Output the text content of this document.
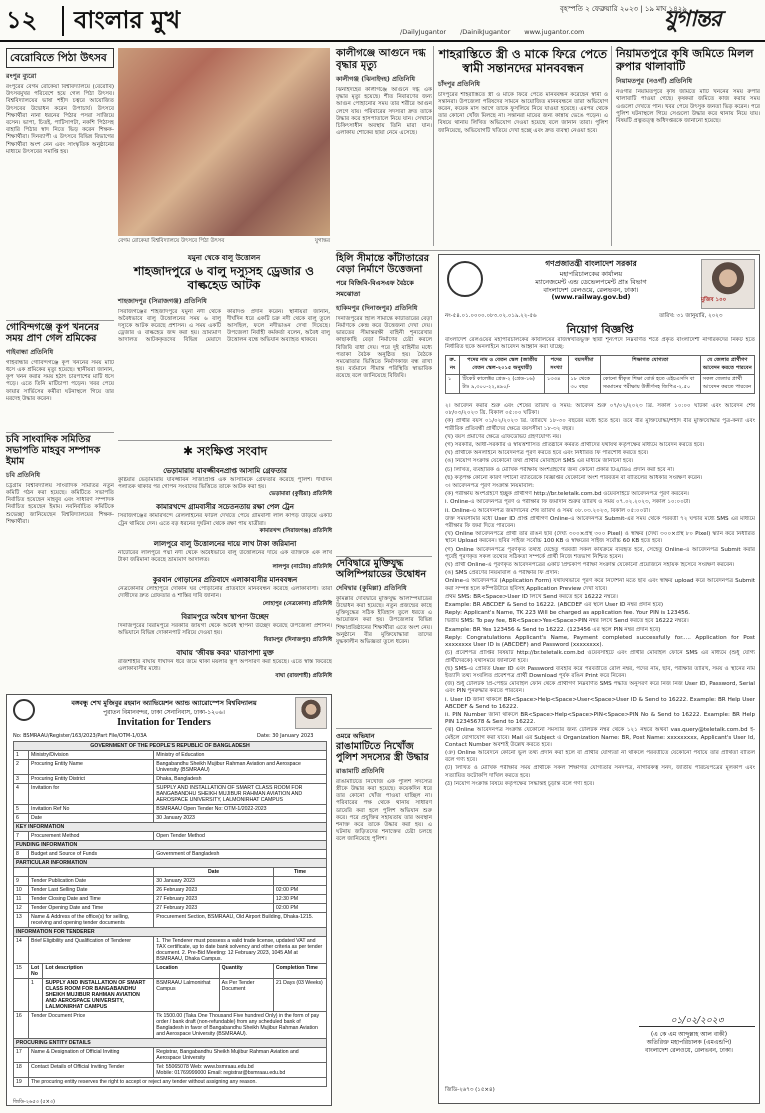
১২ বাংলার মুখ	বৃহস্পতি ২ ফেব্রুয়ারি ২০২৩ | ১৯ মাঘ ১৪২৯
/DailyJugantor /DainikJugantor www.jugantor.com	যুগান্তর
বেরোবিতে পিঠা উৎসব
রংপুর ব্যুরো
রংপুরের বেগম রোকেয়া বিশ্ববিদ্যালয়ে (বেরোবি) উৎসবমুখর পরিবেশে হয়ে গেল পিঠা উৎসব। বিশ্ববিদ্যালয়ের ভাষা শহীদ চত্বরে আয়োজিত উৎসবের উদ্বোধন করেন উপাচার্য। উৎসবে শিক্ষার্থীরা নানা ধরনের পিঠার পসরা সাজিয়ে বসেন। ভাপা, চিতই, পাটিসাপটা, নকশি পিঠাসহ বাহারি পিঠার স্বাদ নিতে ভিড় করেন শিক্ষক-শিক্ষার্থীরা। দিনব্যাপী এ উৎসবে বিভিন্ন বিভাগের শিক্ষার্থীরা অংশ নেন এবং সাংস্কৃতিক অনুষ্ঠানের মাধ্যমে উৎসবের সমাপ্তি হয়।
বেগম রোকেয়া বিশ্ববিদ্যালয়ে উৎসবে পিঠা উৎসব	যুগান্তর
কালীগঞ্জে আগুনে দগ্ধ বৃদ্ধার মৃত্যু
কালীগঞ্জ (ঝিনাইদহ) প্রতিনিধি
ঝিনাইদহের কালীগঞ্জে আগুনে দগ্ধ এক বৃদ্ধার মৃত্যু হয়েছে। শীত নিবারণের জন্য আগুন পোহানোর সময় তার শরীরে আগুন লেগে যায়। পরিবারের সদস্যরা দ্রুত তাকে উদ্ধার করে হাসপাতালে নিয়ে যান। সেখানে চিকিৎসাধীন অবস্থায় তিনি মারা যান। এলাকায় শোকের ছায়া নেমে এসেছে।
শাহরাস্তিতে স্ত্রী ও মাকে ফিরে পেতে স্বামী সন্তানদের মানববন্ধন
চাঁদপুর প্রতিনিধি
চাঁদপুরের শাহরাস্তিতে স্ত্রী ও মাকে ফিরে পেতে মানববন্ধন করেছেন স্বামী ও সন্তানরা। উপজেলা পরিষদের সামনে আয়োজিত মানববন্ধনে তারা অভিযোগ করেন, কয়েক মাস আগে তাকে ফুসলিয়ে নিয়ে যাওয়া হয়েছে। এরপর থেকে তার কোনো খোঁজ মিলছে না। সন্তানরা মায়ের জন্য কান্নায় ভেঙে পড়েন। এ বিষয়ে থানায় লিখিত অভিযোগ দেওয়া হয়েছে বলে জানান তারা। পুলিশ জানিয়েছে, অভিযোগটি খতিয়ে দেখা হচ্ছে এবং দ্রুত ব্যবস্থা নেওয়া হবে।
নিয়ামতপুরে কৃষি জমিতে মিলল রুপার থালাবাটি
নিয়ামতপুর (নওগাঁ) প্রতিনিধি
নওগাঁর নিয়ামতপুরে কৃষি জমিতে মাটি খননের সময় রুপার থালাবাটি পাওয়া গেছে। কৃষকরা জমিতে কাজ করার সময় এগুলো দেখতে পান। খবর পেয়ে উৎসুক জনতা ভিড় করেন। পরে পুলিশ ঘটনাস্থলে গিয়ে সেগুলো উদ্ধার করে থানায় নিয়ে যায়। বিষয়টি প্রত্নতত্ত্ব অধিদপ্তরকে জানানো হয়েছে।
যমুনা থেকে বালু উত্তোলন
শাহজাদপুরে ৬ বালু দস্যুসহ ড্রেজার ও বাল্কহেড আটক
শাহজাদপুর (সিরাজগঞ্জ) প্রতিনিধি
সিরাজগঞ্জের শাহজাদপুরে যমুনা নদী থেকে অবৈধভাবে বালু উত্তোলনের সময় ৬ বালু দস্যুকে আটক করেছে প্রশাসন। এ সময় একটি ড্রেজার ও বাল্কহেড জব্দ করা হয়। ভ্রাম্যমাণ আদালত আটককৃতদের বিভিন্ন মেয়াদে কারাদণ্ড প্রদান করেন। স্থানীয়রা জানান, দীর্ঘদিন ধরে একটি চক্র নদী থেকে বালু তুলে আসছিল, ফলে নদীভাঙন দেখা দিয়েছে। উপজেলা নির্বাহী কর্মকর্তা বলেন, অবৈধ বালু উত্তোলন বন্ধে অভিযান অব্যাহত থাকবে।
হিলি সীমান্তে কাঁটাতারের বেড়া নির্মাণে উত্তেজনা
পরে বিজিবি-বিএসএফ বৈঠকে সমঝোতা
হাকিমপুর (দিনাজপুর) প্রতিনিধি
দিনাজপুরের হিলি সীমান্তে কাঁটাতারের বেড়া নির্মাণকে কেন্দ্র করে উত্তেজনা দেখা দেয়। ভারতের সীমান্তরক্ষী বাহিনী শূন্যরেখার কাছাকাছি বেড়া নির্মাণের চেষ্টা করলে বিজিবি বাধা দেয়। পরে দুই বাহিনীর মধ্যে পতাকা বৈঠক অনুষ্ঠিত হয়। বৈঠকে সমঝোতার ভিত্তিতে নির্মাণকাজ বন্ধ রাখা হয়। বর্তমানে সীমান্ত পরিস্থিতি স্বাভাবিক রয়েছে বলে জানিয়েছে বিজিবি।
গণপ্রজাতন্ত্রী বাংলাদেশ সরকার
মহাপরিচালকের কার্যালয়
ম্যানেজমেন্ট এন্ড ডেভেলপমেন্ট প্রাঃ বিভাগ
বাংলাদেশ রেলওয়ে, রেলভবন, ঢাকা।
(www.railway.gov.bd)	মুজিব ১০০
নং-৫৪.০১.০০০০.০৮৩.০২.০১৯.২২-৫৬	তারিখ: ৩১ জানুয়ারি, ২০২৩
নিয়োগ বিজ্ঞপ্তি
বাংলাদেশ রেলওয়ের মহাপরিচালকের কার্যালয়ের রাজস্বখাতভুক্ত স্থায়ী শূন্যপদে নিম্নবর্ণিত শর্তে প্রকৃত বাংলাদেশী নাগরিকদের নিকট হতে নির্ধারিত ছকে অনলাইনে আবেদন আহ্বান করা যাচ্ছে:
ক্র. নং	পদের নাম ও বেতন স্কেল (জাতীয় বেতন স্কেল-২০১৫ অনুযায়ী)	পদের সংখ্যা	বয়সসীমা	শিক্ষাগত যোগ্যতা	যে জেলার প্রার্থীগণ আবেদন করতে পারবেন
১	টিকেট কালেক্টর গ্রেড-২ (গ্রেড-১৬) টাঃ ৯,৩০০-২২,৪৯০/-	১৩৩৪	১৮ থেকে ৩০ বছর	কোনো স্বীকৃত শিক্ষা বোর্ড হতে এইচএসসি বা সমমানের পরীক্ষায় উত্তীর্ণসহ জিপিএ-২.৫০	সকল জেলার প্রার্থী আবেদন করতে পারবেন
২। আবেদন করার শুরু এবং শেষের তারিখ ও সময়: আবেদন শুরু ০৭/০২/২০২৩ খ্রি. সকাল ১০:০০ ঘটিকা এবং আবেদন শেষ ০৮/০৩/২০২৩ খ্রি. বিকাল ০৫:০০ ঘটিকা।
(ক) প্রার্থীর বয়স ০১/০২/২০২৩ খ্রি. তারিখে ১৮-৩০ বছরের মধ্যে হতে হবে। তবে বীর মুক্তিযোদ্ধা/শহীদ বীর মুক্তিযোদ্ধার পুত্র-কন্যা এবং শারীরিক প্রতিবন্ধী প্রার্থীদের ক্ষেত্রে বয়সসীমা ১৮-৩২ বছর।
(খ) বয়স প্রমাণের ক্ষেত্রে এফিডেভিট গ্রহণযোগ্য নয়।
(গ) সরকারি, আধা-সরকারি ও স্বায়ত্তশাসিত প্রতিষ্ঠানে কর্মরত প্রার্থীদের যথাযথ কর্তৃপক্ষের মাধ্যমে আবেদন করতে হবে।
(ঘ) প্রার্থীকে অনলাইনে আবেদনপত্র পূরণ করতে হবে এবং নির্ধারিত ফি পরিশোধ করতে হবে।
(ঙ) নিয়োগ সংক্রান্ত যেকোনো তথ্য প্রার্থীর মোবাইলে SMS এর মাধ্যমে জানানো হবে।
(চ) লিখিত, ব্যবহারিক ও মৌখিক পরীক্ষায় অংশগ্রহণের জন্য কোনো প্রকার টিএ/ডিএ প্রদান করা হবে না।
(ছ) কর্তৃপক্ষ কোনো কারণ দর্শানো ব্যতিরেকে বিজ্ঞপ্তির যেকোনো অংশ পরিবর্তন বা বাতিলের অধিকার সংরক্ষণ করেন।
৩। আবেদনপত্র পূরণ সংক্রান্ত নিয়মাবলি:
(ক) পরীক্ষায় অংশগ্রহণে ইচ্ছুক প্রার্থীগণ http://br.teletalk.com.bd ওয়েবসাইটে আবেদনপত্র পূরণ করবেন।
i. Online-এ আবেদনপত্র পূরণ ও পরীক্ষার ফি জমাদান শুরুর তারিখ ও সময় ০৭.০২.২০২৩, সকাল ১০:০০টা।
ii. Online-এ আবেদনপত্র জমাদানের শেষ তারিখ ও সময় ০৮.০৩.২০২৩, বিকাল ০৫:০০টা।
উক্ত সময়সীমার মধ্যে User ID প্রাপ্ত প্রার্থীগণ Online-এ আবেদনপত্র Submit-এর সময় থেকে পরবর্তী ৭২ ঘণ্টার মধ্যে SMS এর মাধ্যমে পরীক্ষার ফি জমা দিতে পারবেন।
(খ) Online আবেদনপত্রে প্রার্থী তার রঙিন ছবি (দৈর্ঘ্য ৩০০×প্রস্থ ৩০০ Pixel) ও স্বাক্ষর (দৈর্ঘ্য ৩০০×প্রস্থ ৮০ Pixel) স্ক্যান করে নির্ধারিত স্থানে Upload করবেন। ছবির সাইজ সর্বোচ্চ 100 KB ও স্বাক্ষরের সাইজ সর্বোচ্চ 60 KB হতে হবে।
(গ) Online আবেদনপত্রে পূরণকৃত তথ্যই যেহেতু পরবর্তী সকল কার্যক্রমে ব্যবহৃত হবে, সেহেতু Online-এ আবেদনপত্র Submit করার পূর্বেই পূরণকৃত সকল তথ্যের সঠিকতা সম্পর্কে প্রার্থী নিজে শতভাগ নিশ্চিত হবেন।
(ঘ) প্রার্থী Online-এ পূরণকৃত আবেদনপত্রের একটি প্রিন্টকপি পরীক্ষা সংক্রান্ত যেকোনো প্রয়োজনে সহায়ক হিসেবে সংরক্ষণ করবেন।
(ঙ) SMS প্রেরণের নিয়মাবলি ও পরীক্ষার ফি প্রদান:
Online-এ আবেদনপত্র (Application Form) যথাযথভাবে পূরণ করে নির্দেশনা মতে ছবি এবং স্বাক্ষর upload করে আবেদনপত্র Submit করা সম্পন্ন হলে কম্পিউটারে ছবিসহ Application Preview দেখা যাবে।
প্রথম SMS: BR<Space>User ID লিখে Send করতে হবে 16222 নম্বরে।
Example: BR ABCDEF & Send to 16222. (ABCDEF এর স্থলে User ID নম্বর প্রদান হবে)
Reply: Applicant's Name, TK 223 Will be charged as application fee. Your PIN is 123456.
দ্বিতীয় SMS: To pay fee, BR<Space>Yes<Space>PIN নম্বর লিখে Send করতে হবে 16222 নম্বরে।
Example: BR Yes 123456 & Send to 16222. (123456 এর স্থলে PIN নম্বর প্রদান হবে)
Reply: Congratulations Applicant's Name, Payment completed successfully for..... Application for Post xxxxxxxx User ID is (ABCDEF) and Password (xxxxxxxx).
(চ) প্রবেশপত্র প্রাপ্তির বিষয়টি http://br.teletalk.com.bd ওয়েবসাইটে এবং প্রার্থীর মোবাইল ফোনে SMS এর মাধ্যমে (শুধু যোগ্য প্রার্থীদেরকে) যথাসময়ে জানানো হবে।
(ছ) SMS-এ প্রেরিত User ID এবং Password ব্যবহার করে পরবর্তীতে রোল নম্বর, পদের নাম, ছবি, পরীক্ষার তারিখ, সময় ও স্থানের নাম ইত্যাদি তথ্য সংবলিত প্রবেশপত্র প্রার্থী Download পূর্বক রঙিন Print করে নিবেন।
(জ) শুধু টেলিটক প্রি-পেইড মোবাইল ফোন থেকে প্রার্থীগণ নিম্নবর্ণিত SMS পদ্ধতি অনুসরণ করে নিজ নিজ User ID, Password, Serial এবং PIN পুনরুদ্ধার করতে পারবেন।
i. User ID জানা থাকলে BR<Space>Help<Space>User<Space>User ID & Send to 16222. Example: BR Help User ABCDEF & Send to 16222.
ii. PIN Number জানা থাকলে BR<Space>Help<Space>PIN<Space>PIN No & Send to 16222. Example: BR Help PIN 12345678 & Send to 16222.
(ঝ) Online আবেদনপত্র সংক্রান্ত যেকোনো সমস্যার জন্য টেলিটক নম্বর থেকে ১২১ নম্বরে অথবা vas.query@teletalk.com.bd ই-মেইলে যোগাযোগ করা যাবে। Mail এর Subject এ Organization Name: BR, Post Name: xxxxxxxxx, Applicant's User Id, Contact Number অবশ্যই উল্লেখ করতে হবে।
(ঞ) Online আবেদনে কোনো ভুল তথ্য প্রদান করা হলে বা প্রার্থীর যোগ্যতা না থাকলে পরবর্তীতে যেকোনো পর্যায়ে তার প্রার্থিতা বাতিল বলে গণ্য হবে।
(ট) লিখিত ও মৌখিক পরীক্ষার সময় প্রার্থীকে সকল শিক্ষাগত যোগ্যতার সনদপত্র, নাগরিকত্ব সনদ, জাতীয় পরিচয়পত্রের মূলকপি এবং সত্যায়িত ফটোকপি দাখিল করতে হবে।
(ঠ) নিয়োগ সংক্রান্ত বিষয়ে কর্তৃপক্ষের সিদ্ধান্তই চূড়ান্ত বলে গণ্য হবে।
০১/০২/২০২৩
(এ কে এম আব্দুল্লাহ আল বাকী)
অতিরিক্ত মহাপরিচালক (এমএন্ডপি)
বাংলাদেশ রেলওয়ে, রেলভবন, ঢাকা।
জিডি-২৬৭৩ (১৫×৪)
গোবিন্দগঞ্জে কূপ খননের সময় প্রাণ গেল শ্রমিকের
গাইবান্ধা প্রতিনিধি
গাইবান্ধার গোবিন্দগঞ্জে কূপ খননের সময় মাটি ধসে এক শ্রমিকের মৃত্যু হয়েছে। স্থানীয়রা জানান, কূপ খনন করার সময় হঠাৎ চারপাশের মাটি ধসে পড়ে। এতে তিনি মাটিচাপা পড়েন। খবর পেয়ে ফায়ার সার্ভিসের কর্মীরা ঘটনাস্থলে গিয়ে তার মরদেহ উদ্ধার করেন।
চবি সাংবাদিক সমিতির সভাপতি মাহবুব সম্পাদক ইমাম
চবি প্রতিনিধি
চট্টগ্রাম বিশ্ববিদ্যালয় সাংবাদিক সমিতির নতুন কমিটি গঠন করা হয়েছে। কমিটিতে সভাপতি নির্বাচিত হয়েছেন মাহবুব এবং সাধারণ সম্পাদক নির্বাচিত হয়েছেন ইমাম। নবনির্বাচিত কমিটিকে শুভেচ্ছা জানিয়েছেন বিশ্ববিদ্যালয়ের শিক্ষক-শিক্ষার্থীরা।
✱ সংক্ষিপ্ত সংবাদ
ভেড়ামারায় যাবজ্জীবনপ্রাপ্ত আসামি গ্রেফতার
কুষ্টিয়ার ভেড়ামারায় যাবজ্জীবন সাজাপ্রাপ্ত এক আসামিকে গ্রেফতার করেছে পুলিশ। দীর্ঘদিন পলাতক থাকার পর গোপন সংবাদের ভিত্তিতে তাকে আটক করা হয়।
ভেড়ামারা (কুষ্টিয়া) প্রতিনিধি
কামারখন্দে গ্রামবাসীর সচেতনতায় রক্ষা পেল ট্রেন
সিরাজগঞ্জের কামারখন্দে রেললাইনের ফাটল দেখতে পেয়ে গ্রামবাসী লাল কাপড় উড়িয়ে একটি ট্রেন থামিয়ে দেন। এতে বড় ধরনের দুর্ঘটনা থেকে রক্ষা পায় যাত্রীরা।
কামারখন্দ (সিরাজগঞ্জ) প্রতিনিধি
লালপুরে বালু উত্তোলনের দায়ে লাখ টাকা জরিমানা
নাটোরের লালপুরে পদ্মা নদী থেকে অবৈধভাবে বালু উত্তোলনের দায়ে এক ব্যক্তিকে এক লাখ টাকা জরিমানা করেছে ভ্রাম্যমাণ আদালত।
লালপুর (নাটোর) প্রতিনিধি
কুরবান গোড়ানের প্রতিবাদে এলাকাবাসীর মানববন্ধন
নেত্রকোনার লোহাপুরে দোকান ঘর পোড়ানোর প্রতিবাদে মানববন্ধন করেছে এলাকাবাসী। তারা দোষীদের দ্রুত গ্রেফতার ও শাস্তির দাবি জানান।
লোহাপুর (নেত্রকোনা) প্রতিনিধি
বিরামপুরে অবৈধ স্থাপনা উচ্ছেদ
দিনাজপুরের বিরামপুরে সরকারি জায়গা থেকে অবৈধ স্থাপনা উচ্ছেদ করেছে উপজেলা প্রশাসন। অভিযানে বিভিন্ন দোকানপাট সরিয়ে দেওয়া হয়।
বিরামপুর (দিনাজপুর) প্রতিনিধি
বাঘায় 'জীবন্ত কবর' ঘাতাপাশা মুক্ত
রাজশাহীর বাঘায় দীর্ঘদিন ধরে জমে থাকা ময়লার স্তূপ অপসারণ করা হয়েছে। এতে স্বস্তি ফিরেছে এলাকাবাসীর মধ্যে।
বাঘা (রাজশাহী) প্রতিনিধি
দেবিদ্বারে মুক্তিযুদ্ধ অলিম্পিয়াডের উদ্বোধন
দেবিদ্বার (কুমিল্লা) প্রতিনিধি
কুমিল্লার দেবিদ্বারে মুক্তিযুদ্ধ অলিম্পিয়াডের উদ্বোধন করা হয়েছে। নতুন প্রজন্মের কাছে মুক্তিযুদ্ধের সঠিক ইতিহাস তুলে ধরতে এ আয়োজন করা হয়। উপজেলার বিভিন্ন শিক্ষাপ্রতিষ্ঠানের শিক্ষার্থীরা এতে অংশ নেয়। অনুষ্ঠানে বীর মুক্তিযোদ্ধারা তাদের যুদ্ধকালীন অভিজ্ঞতা তুলে ধরেন।
ওমরে অভিযান
রাঙামাটিতে নিখোঁজ পুলিশ সদস্যের স্ত্রী উদ্ধার
রাঙামাটি প্রতিনিধি
রাঙামাটিতে নিখোঁজ এক পুলিশ সদস্যের স্ত্রীকে উদ্ধার করা হয়েছে। কয়েকদিন ধরে তার কোনো খোঁজ পাওয়া যাচ্ছিল না। পরিবারের পক্ষ থেকে থানায় সাধারণ ডায়েরি করা হলে পুলিশ অভিযান শুরু করে। পরে প্রযুক্তির সহায়তায় তার অবস্থান শনাক্ত করে তাকে উদ্ধার করা হয়। এ ঘটনায় জড়িতদের শনাক্তের চেষ্টা চলছে বলে জানিয়েছে পুলিশ।
বঙ্গবন্ধু শেখ মুজিবুর রহমান অ্যাভিয়েশন অ্যান্ড অ্যারোস্পেস বিশ্ববিদ্যালয়
পুরাতন বিমানবন্দর, ঢাকা সেনানিবাস, ঢাকা-১২০৬।
Invitation for Tenders
No: BSMRAAU/Register/163/2023/Part File/OTM-1/03A	Date: 30 January 2023
GOVERNMENT OF THE PEOPLE'S REPUBLIC OF BANGLADESH					
1	Ministry/Division		Ministry of Education		
2	Procuring Entity Name		Bangabandhu Sheikh Mujibur Rahman Aviation and Aerospace University (BSMRAAU)		
3	Procuring Entity District		Dhaka, Bangladesh		
4	Invitation for		SUPPLY AND INSTALLATION OF SMART CLASS ROOM FOR BANGABANDHU SHEIKH MUJIBUR RAHMAN AVIATION AND AEROSPACE UNIVERSITY, LALMONIRHAT CAMPUS		
5	Invitation Ref No		BSMRAAU Open Tender No: OTM-1/2022-2023		
6	Date		30 January 2023		
KEY INFORMATION					
7	Procurement Method		Open Tender Method		
FUNDING INFORMATION					
8	Budget and Source of Funds		Government of Bangladesh		
PARTICULAR INFORMATION					
			Date		Time
9	Tender Publication Date		30 January 2023		
10	Tender Last Selling Date		26 February 2023		02:00 PM
11	Tender Closing Date and Time		27 February 2023		12:30 PM
12	Tender Opening Date and Time		27 February 2023		02:00 PM
13	Name & Address of the office(s) for selling, receiving and opening tender documents		Procurement Section, BSMRAAU, Old Airport Building, Dhaka-1215.		
INFORMATION FOR TENDERER					
14	Brief Eligibility and Qualification of Tenderer		1. The Tenderer must possess a valid trade license, updated VAT and TAX certificate, up to date bank solvency and other criteria as per tender document. 2. Pre-Bid Meeting: 12 February 2023, 1045 AM at BSMRAAU, Dhaka Campus.		
15	Lot No	Lot description	Location	Quantity	Completion Time
	1	SUPPLY AND INSTALLATION OF SMART CLASS ROOM FOR BANGABANDHU SHEIKH MUJIBUR RAHMAN AVIATION AND AEROSPACE UNIVERSITY, LALMONIRHAT CAMPUS	BSMRAAU Lalmonirhat Campus	As Per Tender Document	21 Days (03 Weeks)
16	Tender Document Price		Tk 1500.00 (Taka One Thousand Five hundred Only) in the form of pay order / bank draft (non-refundable) from any scheduled bank of Bangladesh in favor of Bangabandhu Sheikh Mujibur Rahman Aviation and Aerospace University (BSMRAAU).		
PROCURING ENTITY DETAILS					
17	Name & Designation of Official Inviting		Registrar, Bangabandhu Sheikh Mujibur Rahman Aviation and Aerospace University		
18	Contact Details of Official Inviting Tender		Tel: 55065078 Web: www.bsmraau.edu.bd
Mobile: 01769999000 Email: registrar@bsmraau.edu.bd		
19	The procuring entity reserves the right to accept or reject any tender without assigning any reason.				
জিডি-২৬৫৩ (৫×৩)
